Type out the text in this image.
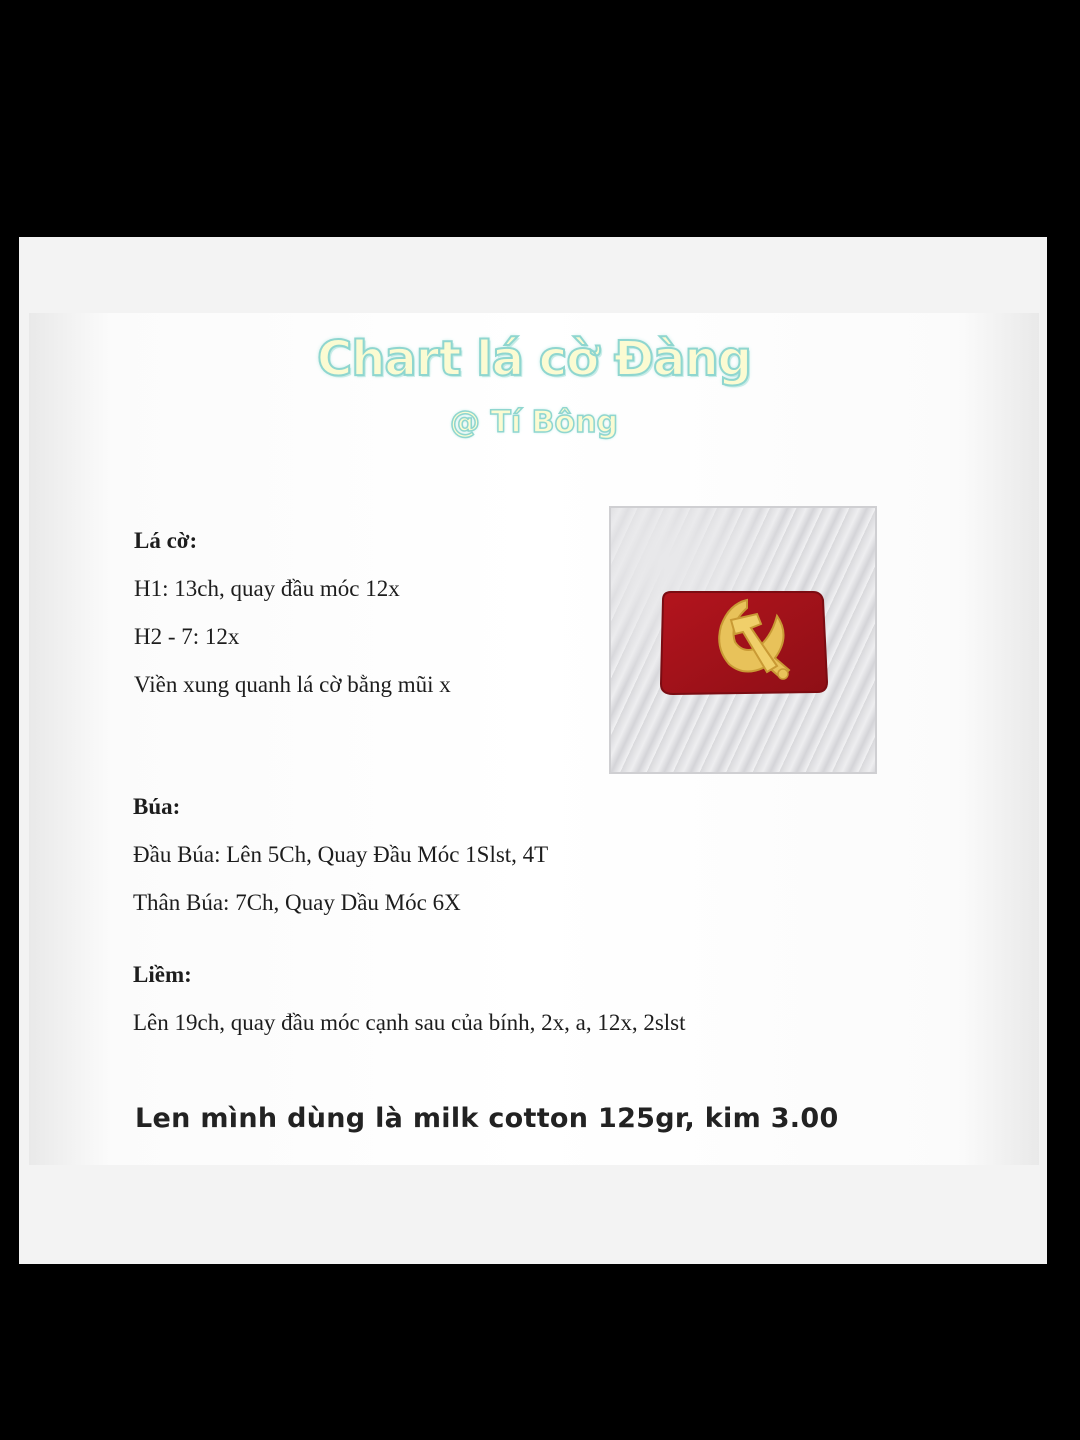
Chart lá cờ Đàng
@ Tí Bông
Lá cờ:
H1: 13ch, quay đầu móc 12x
H2 - 7: 12x
Viền xung quanh lá cờ bằng mũi x
Búa:
Đầu Búa: Lên 5Ch, Quay Đầu Móc 1Slst, 4T
Thân Búa: 7Ch, Quay Dầu Móc 6X
Liềm:
Lên 19ch, quay đầu móc cạnh sau của bính, 2x, a, 12x, 2slst
Len mình dùng là milk cotton 125gr, kim 3.00
